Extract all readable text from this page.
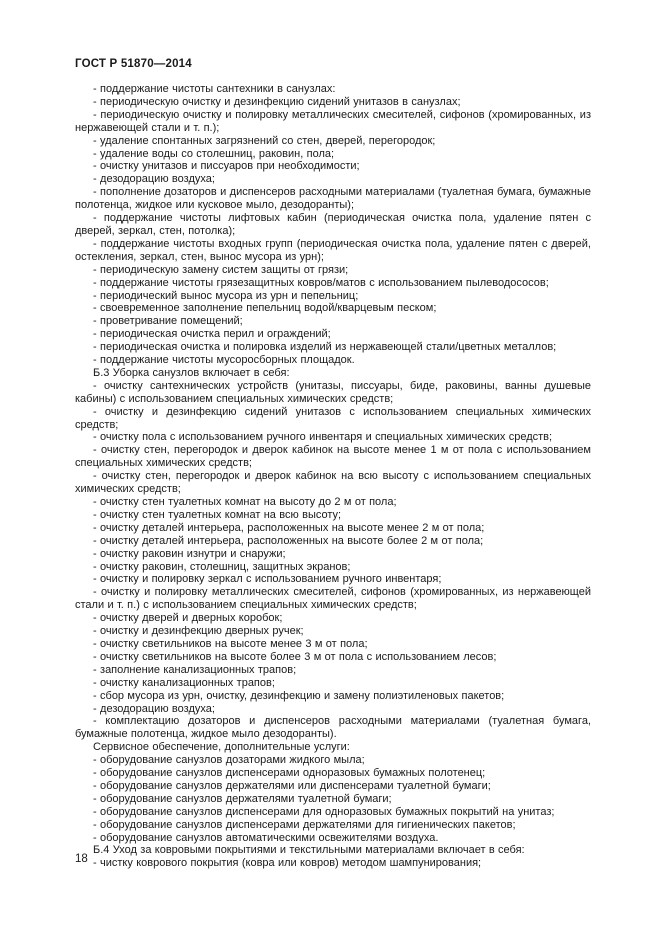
ГОСТ Р 51870—2014

- поддержание чистоты сантехники в санузлах:

- периодическую очистку и дезинфекцию сидений унитазов в санузлах;

- периодическую очистку и полировку металлических смесителей, сифонов (хромированных, из нержавеющей стали и т. п.);

- удаление спонтанных загрязнений со стен, дверей, перегородок;

- удаление воды со столешниц, раковин, пола;

- очистку унитазов и писсуаров при необходимости;

- дезодорацию воздуха;

- пополнение дозаторов и диспенсеров расходными материалами (туалетная бумага, бумажные полотенца, жидкое или кусковое мыло, дезодоранты);

- поддержание чистоты лифтовых кабин (периодическая очистка пола, удаление пятен с дверей, зеркал, стен, потолка);

- поддержание чистоты входных групп (периодическая очистка пола, удаление пятен с дверей, остекления, зеркал, стен, вынос мусора из урн);

- периодическую замену систем защиты от грязи;

- поддержание чистоты грязезащитных ковров/матов с использованием пылеводососов;

- периодический вынос мусора из урн и пепельниц;

- своевременное заполнение пепельниц водой/кварцевым песком;

- проветривание помещений;

- периодическая очистка перил и ограждений;

- периодическая очистка и полировка изделий из нержавеющей стали/цветных металлов;

- поддержание чистоты мусоросборных площадок.

Б.3 Уборка санузлов включает в себя:

- очистку сантехнических устройств (унитазы, писсуары, биде, раковины, ванны душевые кабины) с использованием специальных химических средств;

- очистку и дезинфекцию сидений унитазов с использованием специальных химических средств;

- очистку пола с использованием ручного инвентаря и специальных химических средств;

- очистку стен, перегородок и дверок кабинок на высоте менее 1 м от пола с использованием специальных химических средств;

- очистку стен, перегородок и дверок кабинок на всю высоту с использованием специальных химических средств;

- очистку стен туалетных комнат на высоту до 2 м от пола;

- очистку стен туалетных комнат на всю высоту;

- очистку деталей интерьера, расположенных на высоте менее 2 м от пола;

- очистку деталей интерьера, расположенных на высоте более 2 м от пола;

- очистку раковин изнутри и снаружи;

- очистку раковин, столешниц, защитных экранов;

- очистку и полировку зеркал с использованием ручного инвентаря;

- очистку и полировку металлических смесителей, сифонов (хромированных, из нержавеющей стали и т. п.) с использованием специальных химических средств;

- очистку дверей и дверных коробок;

- очистку и дезинфекцию дверных ручек;

- очистку светильников на высоте менее 3 м от пола;

- очистку светильников на высоте более 3 м от пола с использованием лесов;

- заполнение канализационных трапов;

- очистку канализационных трапов;

- сбор мусора из урн, очистку, дезинфекцию и замену полиэтиленовых пакетов;

- дезодорацию воздуха;

- комплектацию дозаторов и диспенсеров расходными материалами (туалетная бумага, бумажные полотенца, жидкое мыло дезодоранты).

Сервисное обеспечение, дополнительные услуги:

- оборудование санузлов дозаторами жидкого мыла;

- оборудование санузлов диспенсерами одноразовых бумажных полотенец;

- оборудование санузлов держателями или диспенсерами туалетной бумаги;

- оборудование санузлов держателями туалетной бумаги;

- оборудование санузлов диспенсерами для одноразовых бумажных покрытий на унитаз;

- оборудование санузлов диспенсерами держателями для гигиенических пакетов;

- оборудование санузлов автоматическими освежителями воздуха.

Б.4 Уход за ковровыми покрытиями и текстильными материалами включает в себя:

- чистку коврового покрытия (ковра или ковров) методом шампунирования;

18
